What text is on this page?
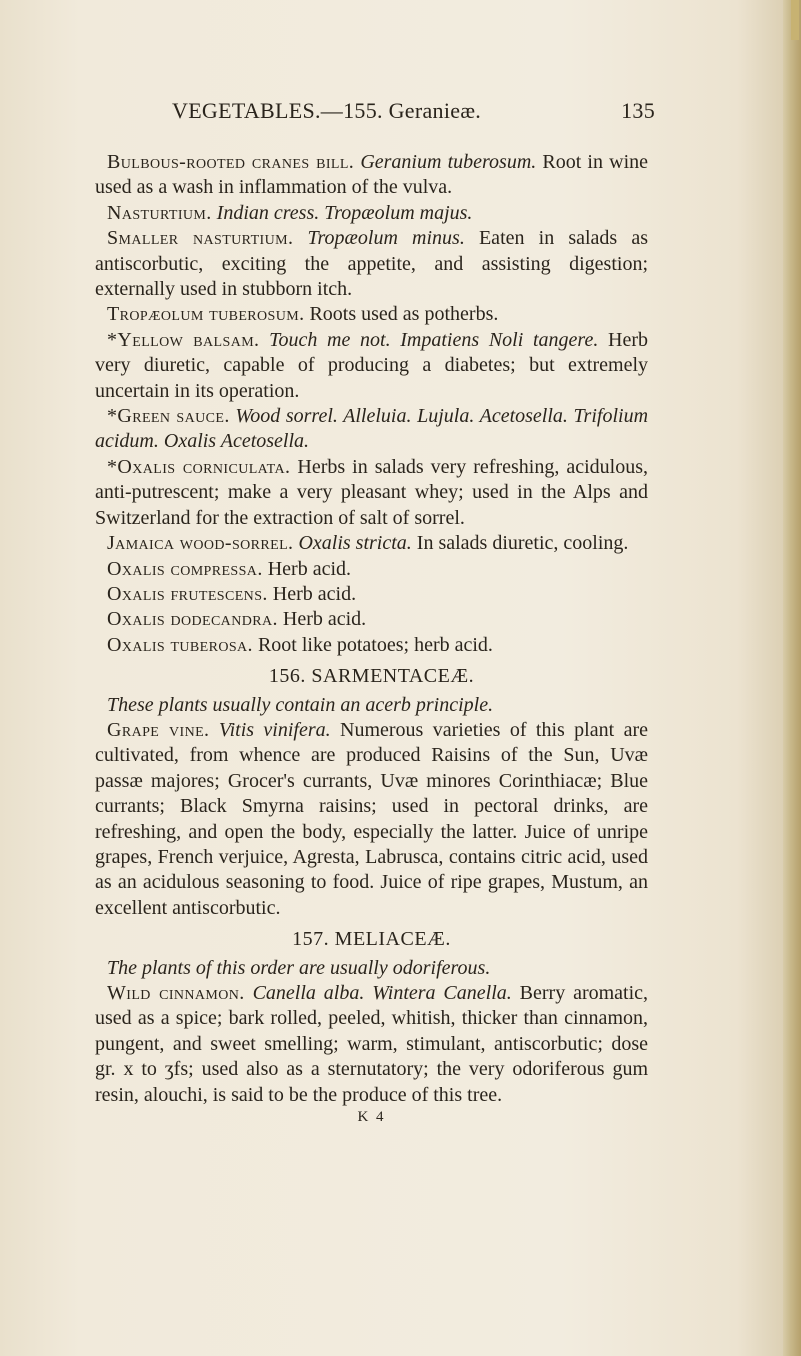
VEGETABLES.—155. Geranieæ.	135

Bulbous-rooted cranes bill. Geranium tuberosum. Root in wine used as a wash in inflammation of the vulva.

Nasturtium. Indian cress. Tropæolum majus.

Smaller nasturtium. Tropæolum minus. Eaten in salads as antiscorbutic, exciting the appetite, and assisting digestion; externally used in stubborn itch.

Tropæolum tuberosum. Roots used as potherbs.

*Yellow balsam. Touch me not. Impatiens Noli tangere. Herb very diuretic, capable of producing a diabetes; but extremely uncertain in its operation.

*Green sauce. Wood sorrel. Alleluia. Lujula. Acetosella. Trifolium acidum. Oxalis Acetosella.

*Oxalis corniculata. Herbs in salads very refreshing, acidulous, anti-putrescent; make a very pleasant whey; used in the Alps and Switzerland for the extraction of salt of sorrel.

Jamaica wood-sorrel. Oxalis stricta. In salads diuretic, cooling.

Oxalis compressa. Herb acid.

Oxalis frutescens. Herb acid.

Oxalis dodecandra. Herb acid.

Oxalis tuberosa. Root like potatoes; herb acid.

156. SARMENTACEÆ.

These plants usually contain an acerb principle.

Grape vine. Vitis vinifera. Numerous varieties of this plant are cultivated, from whence are produced Raisins of the Sun, Uvæ passæ majores; Grocer's currants, Uvæ minores Corinthiacæ; Blue currants; Black Smyrna raisins; used in pectoral drinks, are refreshing, and open the body, especially the latter. Juice of unripe grapes, French verjuice, Agresta, Labrusca, contains citric acid, used as an acidulous seasoning to food. Juice of ripe grapes, Mustum, an excellent antiscorbutic.

157. MELIACEÆ.

The plants of this order are usually odoriferous.

Wild cinnamon. Canella alba. Wintera Canella. Berry aromatic, used as a spice; bark rolled, peeled, whitish, thicker than cinnamon, pungent, and sweet smelling; warm, stimulant, antiscorbutic; dose gr. x to ʒfs; used also as a sternutatory; the very odoriferous gum resin, alouchi, is said to be the produce of this tree.

K 4
